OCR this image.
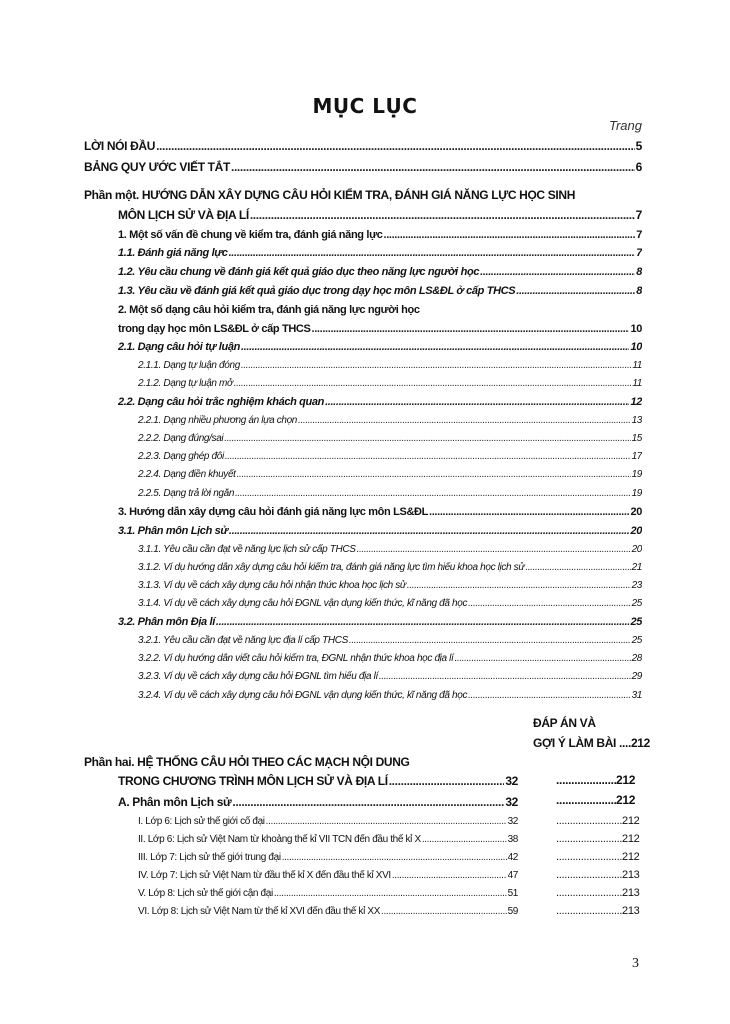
MỤC LỤC
Trang
LỜI NÓI ĐẦU .....	5
BẢNG QUY ƯỚC VIẾT TẮT .....	6
Phần một. HƯỚNG DẪN XÂY DỰNG CÂU HỎI KIỂM TRA, ĐÁNH GIÁ NĂNG LỰC HỌC SINH
MÔN LỊCH SỬ VÀ ĐỊA LÍ .....	7
1. Một số vấn đề chung về kiểm tra, đánh giá năng lực .....	7
1.1. Đánh giá năng lực .....	7
1.2. Yêu cầu chung về đánh giá kết quả giáo dục theo năng lực người học .....	8
1.3. Yêu cầu về đánh giá kết quả giáo dục trong dạy học môn LS&ĐL ở cấp THCS .....	8
2. Một số dạng câu hỏi kiểm tra, đánh giá năng lực người học
trong dạy học môn LS&ĐL ở cấp THCS .....	10
2.1. Dạng câu hỏi tự luận .....	10
2.1.1. Dạng tự luận đóng .....	11
2.1.2. Dạng tự luận mở .....	11
2.2. Dạng câu hỏi trắc nghiệm khách quan .....	12
2.2.1. Dạng nhiều phương án lựa chọn .....	13
2.2.2. Dạng đúng/sai .....	15
2.2.3. Dạng ghép đôi .....	17
2.2.4. Dạng điền khuyết .....	19
2.2.5. Dạng trả lời ngắn .....	19
3. Hướng dẫn xây dựng câu hỏi đánh giá năng lực môn LS&ĐL .....	20
3.1. Phân môn Lịch sử .....	20
3.1.1. Yêu cầu cần đạt về năng lực lịch sử cấp THCS .....	20
3.1.2. Ví dụ hướng dẫn xây dựng câu hỏi kiểm tra, đánh giá năng lực tìm hiểu khoa học lịch sử .....	21
3.1.3. Ví dụ về cách xây dựng câu hỏi nhận thức khoa học lịch sử .....	23
3.1.4. Ví dụ về cách xây dựng câu hỏi ĐGNL vận dụng kiến thức, kĩ năng đã học .....	25
3.2. Phân môn Địa lí .....	25
3.2.1. Yêu cầu cần đạt về năng lực địa lí cấp THCS .....	25
3.2.2. Ví dụ hướng dẫn viết câu hỏi kiểm tra, ĐGNL nhận thức khoa học địa lí .....	28
3.2.3. Ví dụ về cách xây dựng câu hỏi ĐGNL tìm hiểu địa lí .....	29
3.2.4. Ví dụ về cách xây dựng câu hỏi ĐGNL vận dụng kiến thức, kĩ năng đã học .....	31
ĐÁP ÁN VÀ
GỢI Ý LÀM BÀI ....212
Phần hai. HỆ THỐNG CÂU HỎI THEO CÁC MẠCH NỘI DUNG
TRONG CHƯƠNG TRÌNH MÔN LỊCH SỬ VÀ ĐỊA LÍ .....	32 .....	212
A. Phân môn Lịch sử .....	32 .....	212
I. Lớp 6: Lịch sử thế giới cổ đại .....	32 .....	212
II. Lớp 6: Lịch sử Việt Nam từ khoảng thế kỉ VII TCN đến đầu thế kỉ X .....	38 .....	212
III. Lớp 7: Lịch sử thế giới trung đại .....	42 .....	212
IV. Lớp 7: Lịch sử Việt Nam từ đầu thế kỉ X đến đầu thế kỉ XVI .....	47 .....	213
V. Lớp 8: Lịch sử thế giới cận đại .....	51 .....	213
VI. Lớp 8: Lịch sử Việt Nam từ thế kỉ XVI đến đầu thế kỉ XX .....	59 .....	213
3
